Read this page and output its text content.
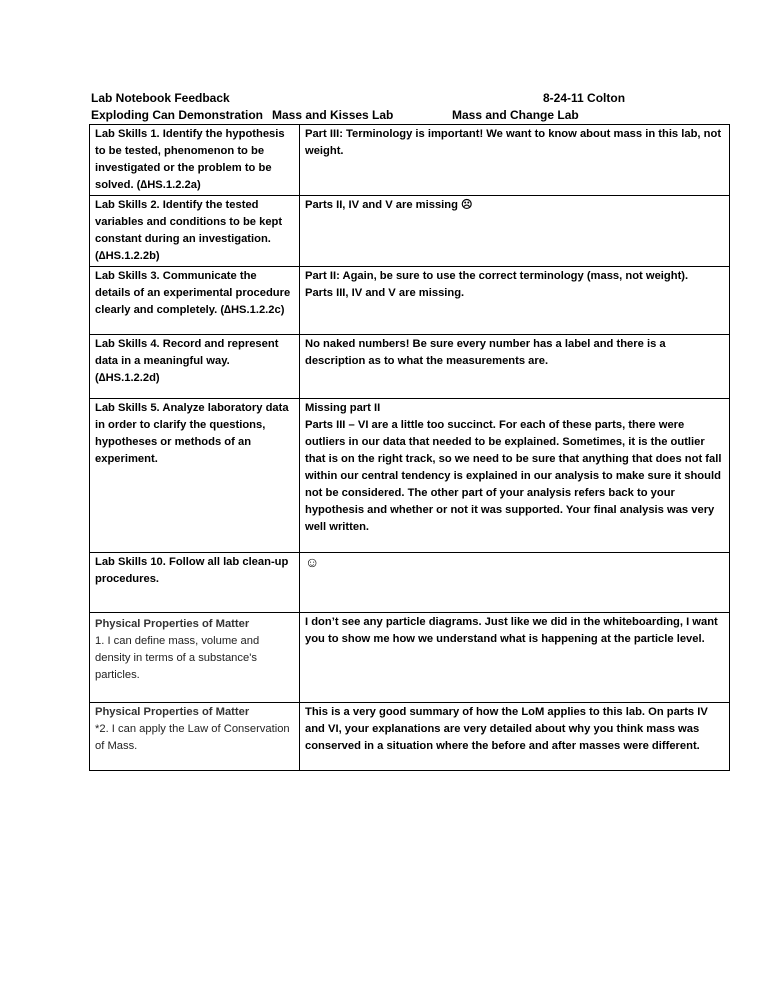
Lab Notebook Feedback	8-24-11 Colton
Exploding Can Demonstration Mass and Kisses Lab	Mass and Change Lab
Lab Skills 1. Identify the hypothesis to be tested, phenomenon to be investigated or the problem to be solved. (∆HS.1.2.2a)	Part III: Terminology is important! We want to know about mass in this lab, not weight.
Lab Skills 2. Identify the tested variables and conditions to be kept constant during an investigation. (∆HS.1.2.2b)	Parts II, IV and V are missing ☹
Lab Skills 3. Communicate the details of an experimental procedure clearly and completely. (∆HS.1.2.2c)	Part II: Again, be sure to use the correct terminology (mass, not weight).
Parts III, IV and V are missing.

Lab Skills 4. Record and represent data in a meaningful way. (∆HS.1.2.2d)	No naked numbers! Be sure every number has a label and there is a description as to what the measurements are.
Lab Skills 5. Analyze laboratory data in order to clarify the questions, hypotheses or methods of an experiment.	Missing part II
Parts III – VI are a little too succinct. For each of these parts, there were outliers in our data that needed to be explained. Sometimes, it is the outlier that is on the right track, so we need to be sure that anything that does not fall within our central tendency is explained in our analysis to make sure it should not be considered. The other part of your analysis refers back to your hypothesis and whether or not it was supported. Your final analysis was very well written.

Lab Skills 10. Follow all lab clean-up procedures.	☺

Physical Properties of Matter
1. I can define mass, volume and density in terms of a substance's particles.	I don’t see any particle diagrams. Just like we did in the whiteboarding, I want you to show me how we understand what is happening at the particle level.

Physical Properties of Matter
*2. I can apply the Law of Conservation of Mass.	This is a very good summary of how the LoM applies to this lab. On parts IV and VI, your explanations are very detailed about why you think mass was conserved in a situation where the before and after masses were different.
